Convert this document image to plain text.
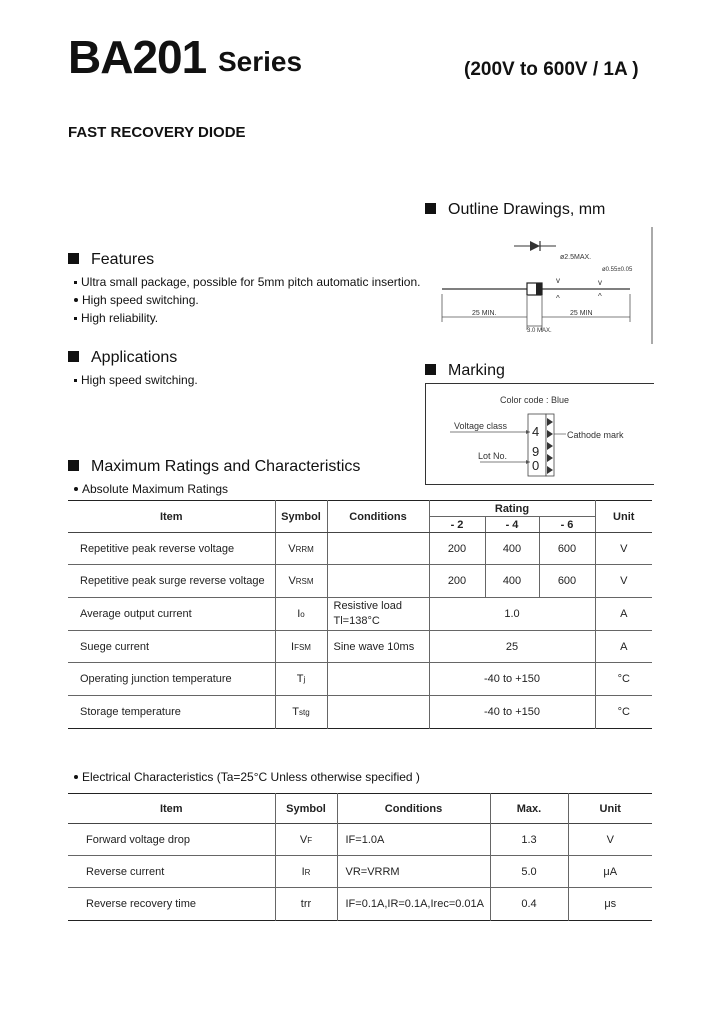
BA201 Series	(200V to 600V / 1A )
FAST RECOVERY DIODE
Outline Drawings, mm
ø2.5MAX.
ø0.55±0.05
v
^
v
^
25 MIN.	25 MIN
3.0 MAX.
Features
Ultra small package, possible for 5mm pitch automatic insertion.
High speed switching.
High reliability.
Applications
High speed switching.
Marking
Color code : Blue
Voltage class
Lot No.
Cathode mark
4
9
0
Maximum Ratings and Characteristics
Absolute Maximum Ratings
Item	Symbol	Conditions	Rating			Unit
			- 2	- 4	- 6	
Repetitive peak reverse voltage	VRRM		200	400	600	V
Repetitive peak surge reverse voltage	VRSM		200	400	600	V
Average output current	Io	Resistive load
Tl=138°C	1.0			A
Suege current	IFSM	Sine wave 10ms	25			A
Operating junction temperature	Tj		-40 to +150			°C
Storage temperature	Tstg		-40 to +150			°C
Electrical Characteristics (Ta=25°C Unless otherwise specified )
Item	Symbol	Conditions	Max.	Unit
Forward voltage drop	VF	IF=1.0A	1.3	V
Reverse current	IR	VR=VRRM	5.0	μA
Reverse recovery time	trr	IF=0.1A,IR=0.1A,Irec=0.01A	0.4	μs
